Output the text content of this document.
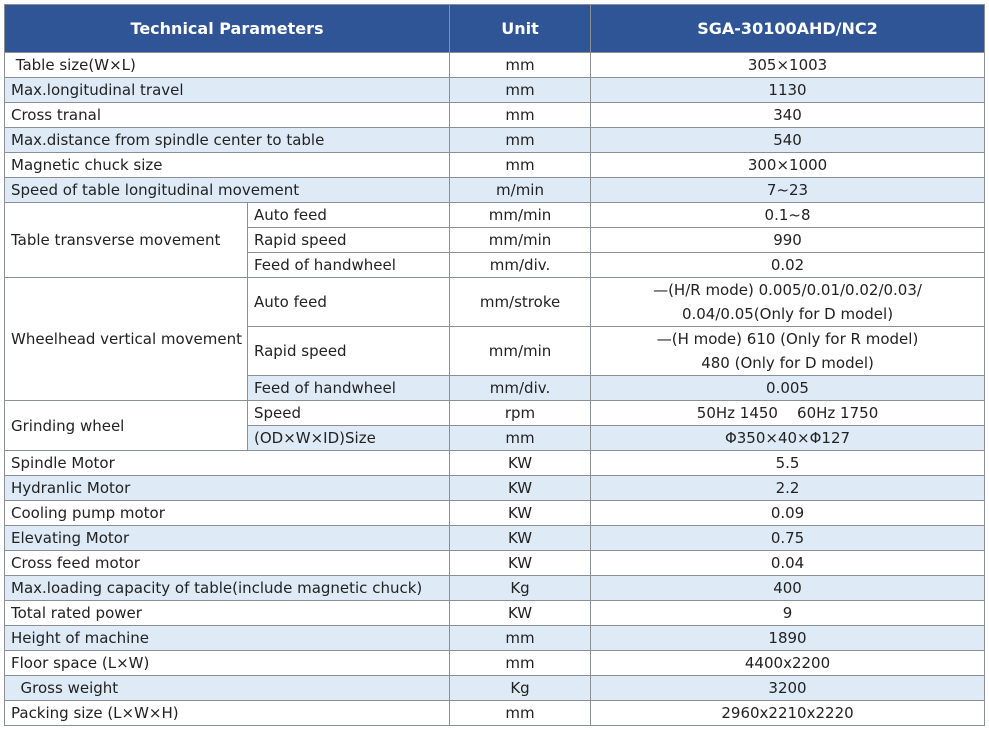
Technical Parameters		Unit	SGA-30100AHD/NC2
Table size(W×L)		mm	305×1003
Max.longitudinal travel		mm	1130
Cross tranal		mm	340
Max.distance from spindle center to table		mm	540
Magnetic chuck size		mm	300×1000
Speed of table longitudinal movement		m/min	7~23
Table transverse movement	Auto feed	mm/min	0.1~8
	Rapid speed	mm/min	990
	Feed of handwheel	mm/div.	0.02
Wheelhead vertical movement	Auto feed	mm/stroke	—(H/R mode) 0.005/0.01/0.02/0.03/
0.04/0.05(Only for D model)

	Rapid speed	mm/min	—(H mode) 610 (Only for R model)
480 (Only for D model)

	Feed of handwheel	mm/div.	0.005
Grinding wheel	Speed	rpm	50Hz 1450    60Hz 1750
	(OD×W×ID)Size	mm	Φ350×40×Φ127
Spindle Motor		KW	5.5
Hydranlic Motor		KW	2.2
Cooling pump motor		KW	0.09
Elevating Motor		KW	0.75
Cross feed motor		KW	0.04
Max.loading capacity of table(include magnetic chuck)		Kg	400
Total rated power		KW	9
Height of machine		mm	1890
Floor space (L×W)		mm	4400x2200
Gross weight		Kg	3200
Packing size (L×W×H)		mm	2960x2210x2220
